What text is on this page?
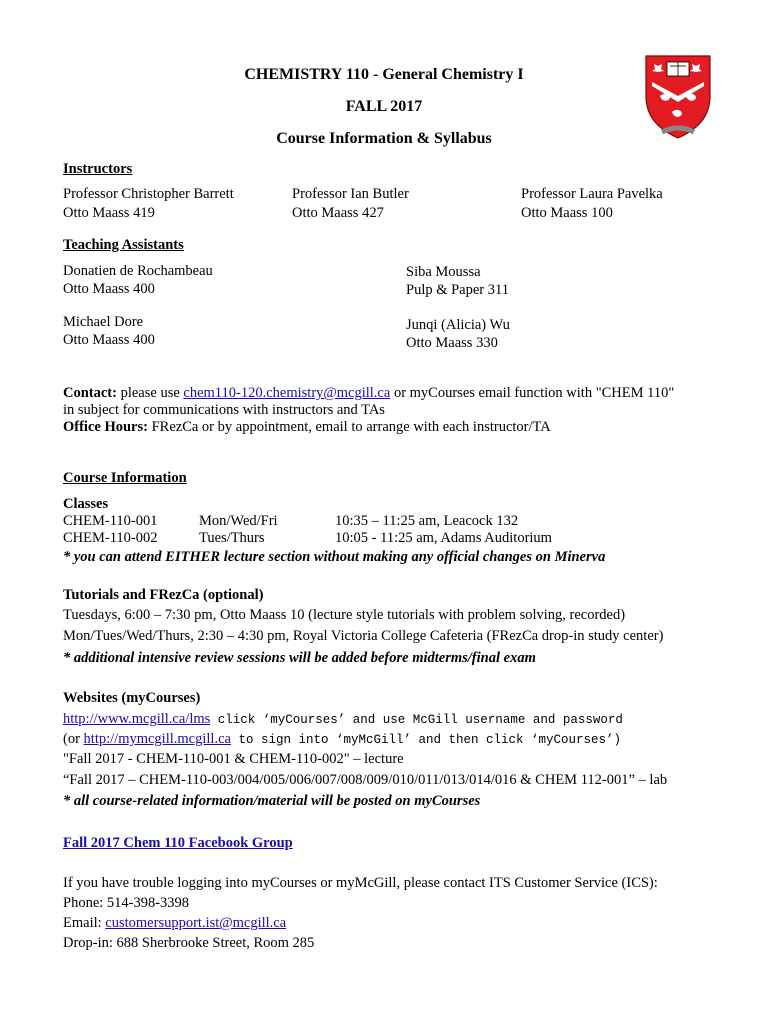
CHEMISTRY 110 - General Chemistry I
FALL 2017
Course Information & Syllabus
Instructors
Professor Christopher Barrett
Otto Maass 419
Professor Ian Butler
Otto Maass 427
Professor Laura Pavelka
Otto Maass 100
Teaching Assistants
Donatien de Rochambeau
Otto Maass 400
Siba Moussa
Pulp & Paper 311
Michael Dore
Otto Maass 400
Junqi (Alicia) Wu
Otto Maass 330
Contact: please use chem110-120.chemistry@mcgill.ca or myCourses email function with "CHEM 110"
in subject for communications with instructors and TAs
Office Hours: FRezCa or by appointment, email to arrange with each instructor/TA
Course Information
Classes
CHEM-110-001	Mon/Wed/Fri	10:35 – 11:25 am, Leacock 132
CHEM-110-002	Tues/Thurs	10:05 - 11:25 am, Adams Auditorium
* you can attend EITHER lecture section without making any official changes on Minerva
Tutorials and FRezCa (optional)
Tuesdays, 6:00 – 7:30 pm, Otto Maass 10 (lecture style tutorials with problem solving, recorded)
Mon/Tues/Wed/Thurs, 2:30 – 4:30 pm, Royal Victoria College Cafeteria (FRezCa drop-in study center)
* additional intensive review sessions will be added before midterms/final exam
Websites (myCourses)
http://www.mcgill.ca/lms click ‘myCourses’ and use McGill username and password
(or http://mymcgill.mcgill.ca to sign into ‘myMcGill’ and then click ‘myCourses’)
"Fall 2017 - CHEM-110-001 & CHEM-110-002" – lecture
“Fall 2017 – CHEM-110-003/004/005/006/007/008/009/010/011/013/014/016 & CHEM 112-001” – lab
* all course-related information/material will be posted on myCourses
Fall 2017 Chem 110 Facebook Group
If you have trouble logging into myCourses or myMcGill, please contact ITS Customer Service (ICS):
Phone: 514-398-3398
Email: customersupport.ist@mcgill.ca
Drop-in: 688 Sherbrooke Street, Room 285
